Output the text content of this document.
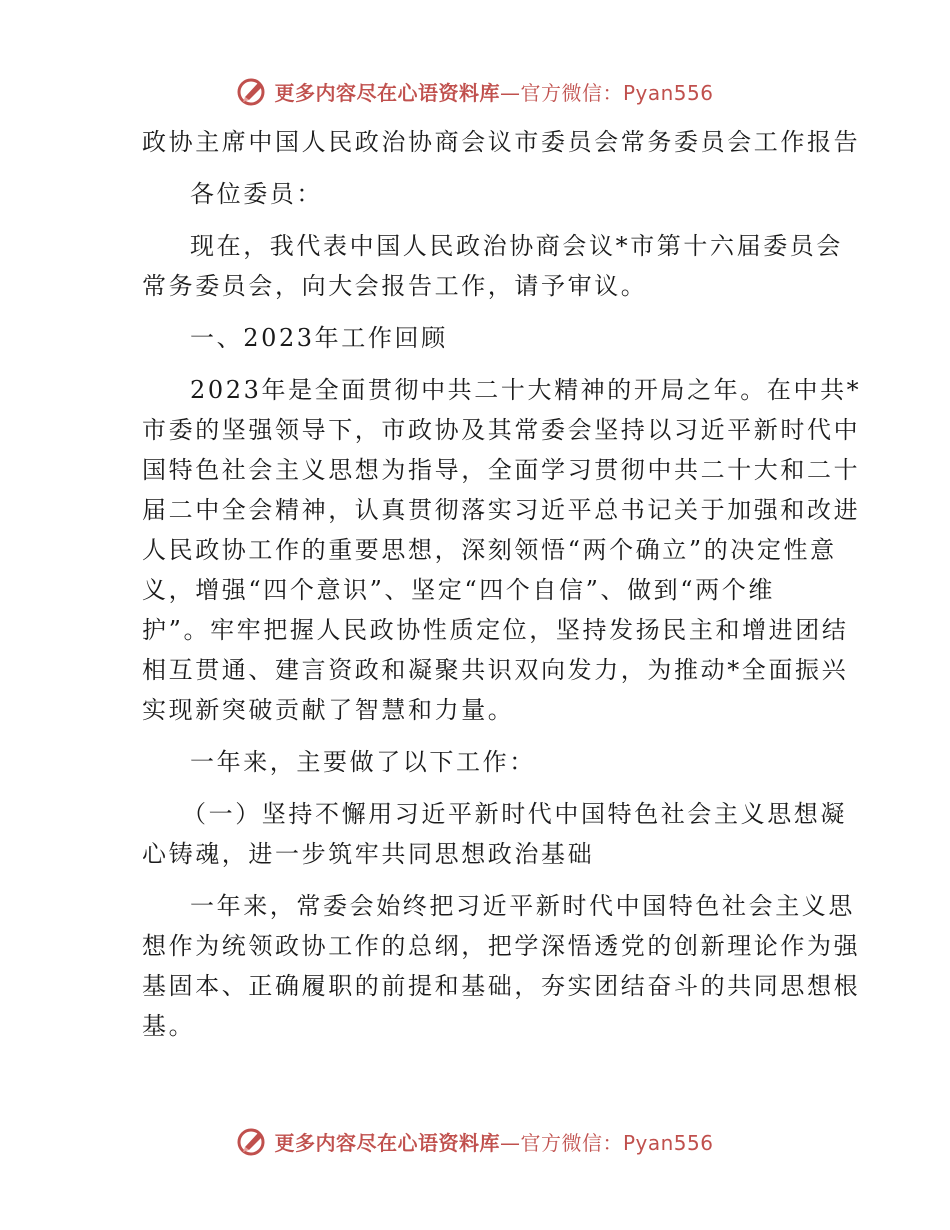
更多内容尽在心语资料库 —官方微信：Pyan556
政协主席中国人民政治协商会议市委员会常务委员会工作报告
各位委员：
现在，我代表中国人民政治协商会议*市第十六届委员会
常务委员会，向大会报告工作，请予审议。
一、2023年工作回顾
2023年是全面贯彻中共二十大精神的开局之年。在中共*
市委的坚强领导下，市政协及其常委会坚持以习近平新时代中
国特色社会主义思想为指导，全面学习贯彻中共二十大和二十
届二中全会精神，认真贯彻落实习近平总书记关于加强和改进
人民政协工作的重要思想，深刻领悟“两个确立”的决定性意
义，增强“四个意识”、坚定“四个自信”、做到“两个维
护”。牢牢把握人民政协性质定位，坚持发扬民主和增进团结
相互贯通、建言资政和凝聚共识双向发力，为推动*全面振兴
实现新突破贡献了智慧和力量。
一年来，主要做了以下工作：
（一）坚持不懈用习近平新时代中国特色社会主义思想凝
心铸魂，进一步筑牢共同思想政治基础
一年来，常委会始终把习近平新时代中国特色社会主义思
想作为统领政协工作的总纲，把学深悟透党的创新理论作为强
基固本、正确履职的前提和基础，夯实团结奋斗的共同思想根
基。
更多内容尽在心语资料库 —官方微信：Pyan556
